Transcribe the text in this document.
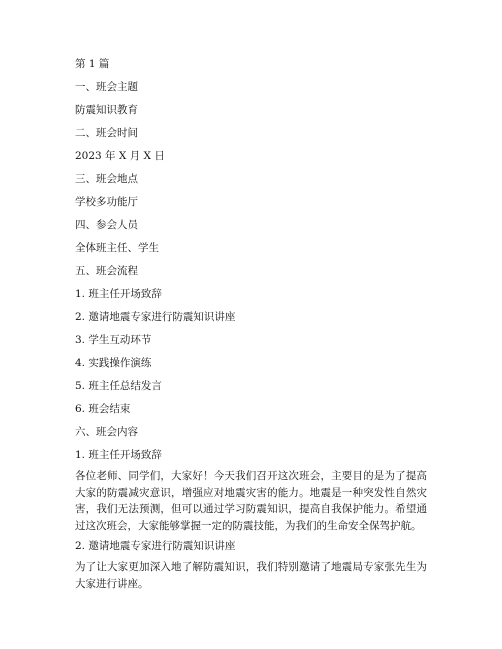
第 1 篇
一、班会主题
防震知识教育
二、班会时间
2023 年 X 月 X 日
三、班会地点
学校多功能厅
四、参会人员
全体班主任、学生
五、班会流程
1. 班主任开场致辞
2. 邀请地震专家进行防震知识讲座
3. 学生互动环节
4. 实践操作演练
5. 班主任总结发言
6. 班会结束
六、班会内容
1. 班主任开场致辞
各位老师、同学们，大家好！今天我们召开这次班会，主要目的是为了提高大家的防震减灾意识，增强应对地震灾害的能力。地震是一种突发性自然灾害，我们无法预测，但可以通过学习防震知识，提高自我保护能力。希望通过这次班会，大家能够掌握一定的防震技能，为我们的生命安全保驾护航。
2. 邀请地震专家进行防震知识讲座
为了让大家更加深入地了解防震知识，我们特别邀请了地震局专家张先生为大家进行讲座。
